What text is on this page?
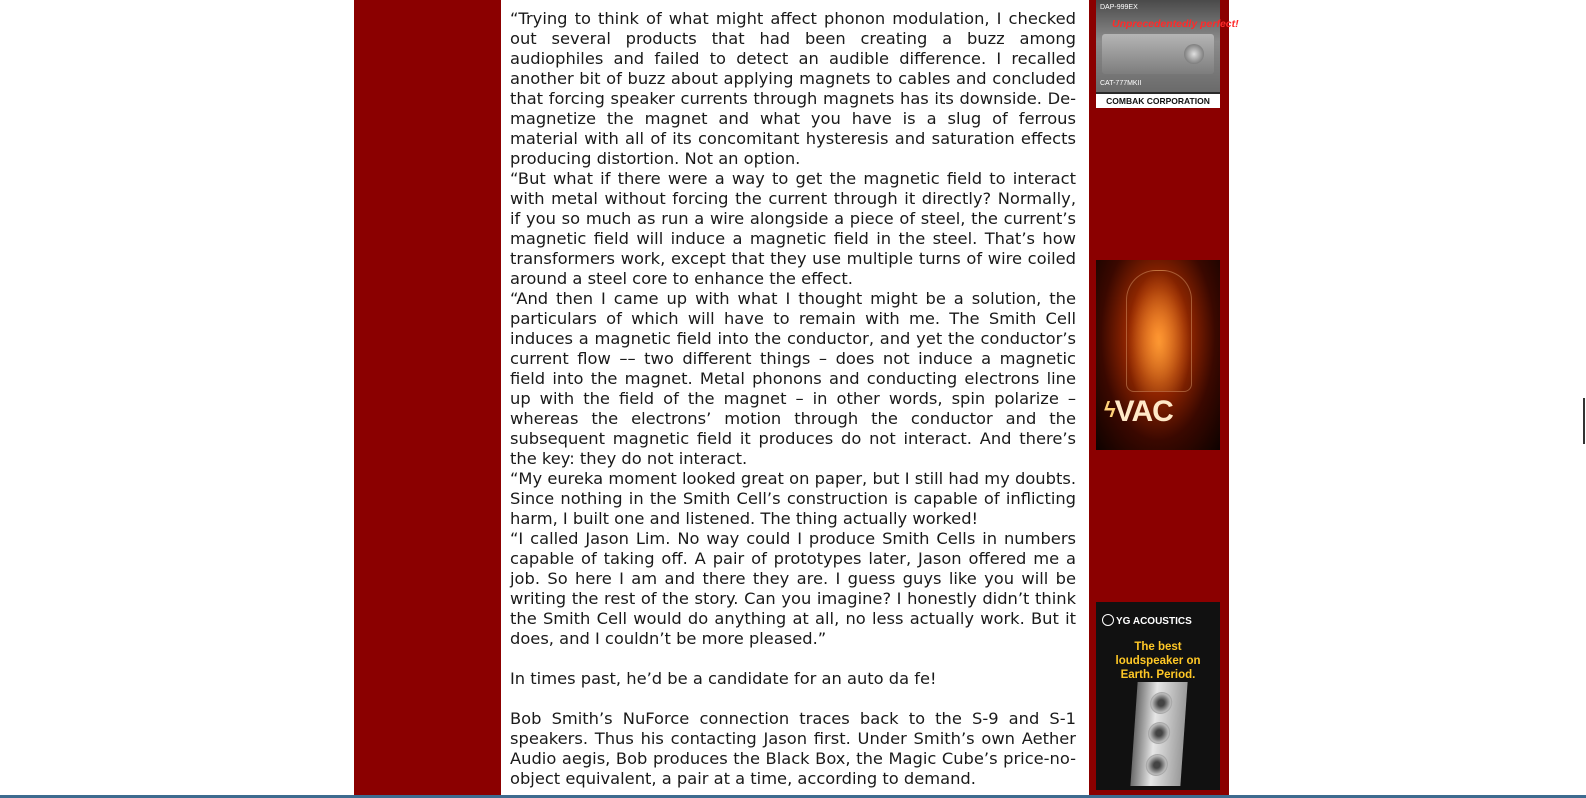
“Trying to think of what might affect phonon modulation, I checked out several products that had been creating a buzz among audiophiles and failed to detect an audible difference. I recalled another bit of buzz about applying magnets to cables and concluded that forcing speaker currents through magnets has its downside. De-magnetize the magnet and what you have is a slug of ferrous material with all of its concomitant hysteresis and saturation effects producing distortion. Not an option.

“But what if there were a way to get the magnetic field to interact with metal without forcing the current through it directly? Normally, if you so much as run a wire alongside a piece of steel, the current’s magnetic field will induce a magnetic field in the steel. That’s how transformers work, except that they use multiple turns of wire coiled around a steel core to enhance the effect.

“And then I came up with what I thought might be a solution, the particulars of which will have to remain with me. The Smith Cell induces a magnetic field into the conductor, and yet the conductor’s current flow –– two different things – does not induce a magnetic field into the magnet. Metal phonons and conducting electrons line up with the field of the magnet – in other words, spin polarize – whereas the electrons’ motion through the conductor and the subsequent magnetic field it produces do not interact. And there’s the key: they do not interact.

“My eureka moment looked great on paper, but I still had my doubts. Since nothing in the Smith Cell’s construction is capable of inflicting harm, I built one and listened. The thing actually worked!

“I called Jason Lim. No way could I produce Smith Cells in numbers capable of taking off. A pair of prototypes later, Jason offered me a job. So here I am and there they are. I guess guys like you will be writing the rest of the story. Can you imagine? I honestly didn’t think the Smith Cell would do anything at all, no less actually work. But it does, and I couldn’t be more pleased.”

In times past, he’d be a candidate for an auto da fe!

Bob Smith’s NuForce connection traces back to the S-9 and S-1 speakers. Thus his contacting Jason first. Under Smith’s own Aether Audio aegis, Bob produces the Black Box, the Magic Cube’s price-no-object equivalent, a pair at a time, according to demand.

DAP-999EX
Unprecedentedly perfect!
CAT-777MKII
COMBAK CORPORATION
ϟVAC
YG ACOUSTICS
The best loudspeaker on Earth. Period.
